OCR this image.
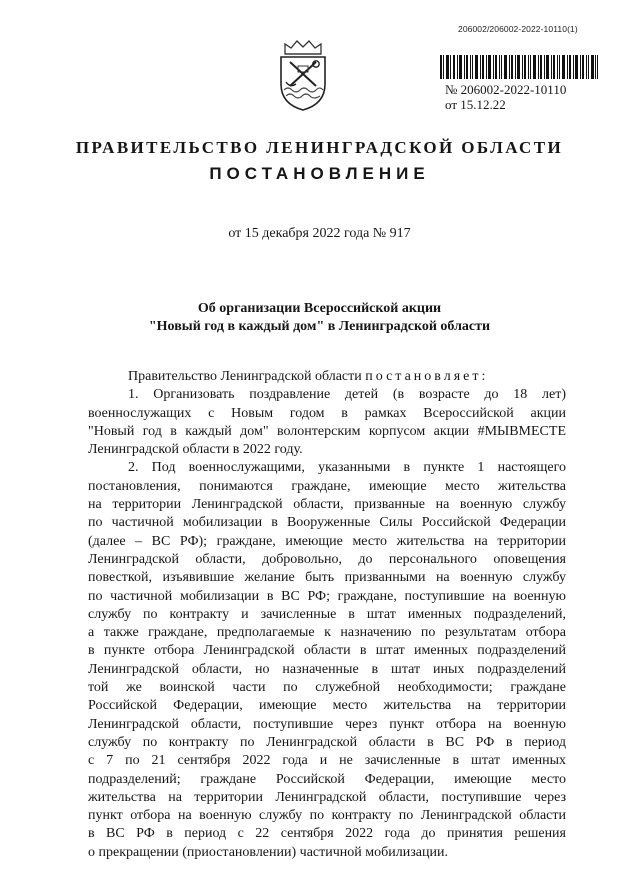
206002/206002-2022-10110(1)
№ 206002-2022-10110
от 15.12.22
ПРАВИТЕЛЬСТВО ЛЕНИНГРАДСКОЙ ОБЛАСТИ
ПОСТАНОВЛЕНИЕ
от 15 декабря 2022 года № 917
Об организации Всероссийской акции
"Новый год в каждый дом" в Ленинградской области
Правительство Ленинградской области постановляет:
1. Организовать поздравление детей (в возрасте до 18 лет)
военнослужащих с Новым годом в рамках Всероссийской акции
"Новый год в каждый дом" волонтерским корпусом акции #МЫВМЕСТЕ
Ленинградской области в 2022 году.
2. Под военнослужащими, указанными в пункте 1 настоящего
постановления, понимаются граждане, имеющие место жительства
на территории Ленинградской области, призванные на военную службу
по частичной мобилизации в Вооруженные Силы Российской Федерации
(далее – ВС РФ); граждане, имеющие место жительства на территории
Ленинградской области, добровольно, до персонального оповещения
повесткой, изъявившие желание быть призванными на военную службу
по частичной мобилизации в ВС РФ; граждане, поступившие на военную
службу по контракту и зачисленные в штат именных подразделений,
а также граждане, предполагаемые к назначению по результатам отбора
в пункте отбора Ленинградской области в штат именных подразделений
Ленинградской области, но назначенные в штат иных подразделений
той же воинской части по служебной необходимости; граждане
Российской Федерации, имеющие место жительства на территории
Ленинградской области, поступившие через пункт отбора на военную
службу по контракту по Ленинградской области в ВС РФ в период
с 7 по 21 сентября 2022 года и не зачисленные в штат именных
подразделений; граждане Российской Федерации, имеющие место
жительства на территории Ленинградской области, поступившие через
пункт отбора на военную службу по контракту по Ленинградской области
в ВС РФ в период с 22 сентября 2022 года до принятия решения
о прекращении (приостановлении) частичной мобилизации.
